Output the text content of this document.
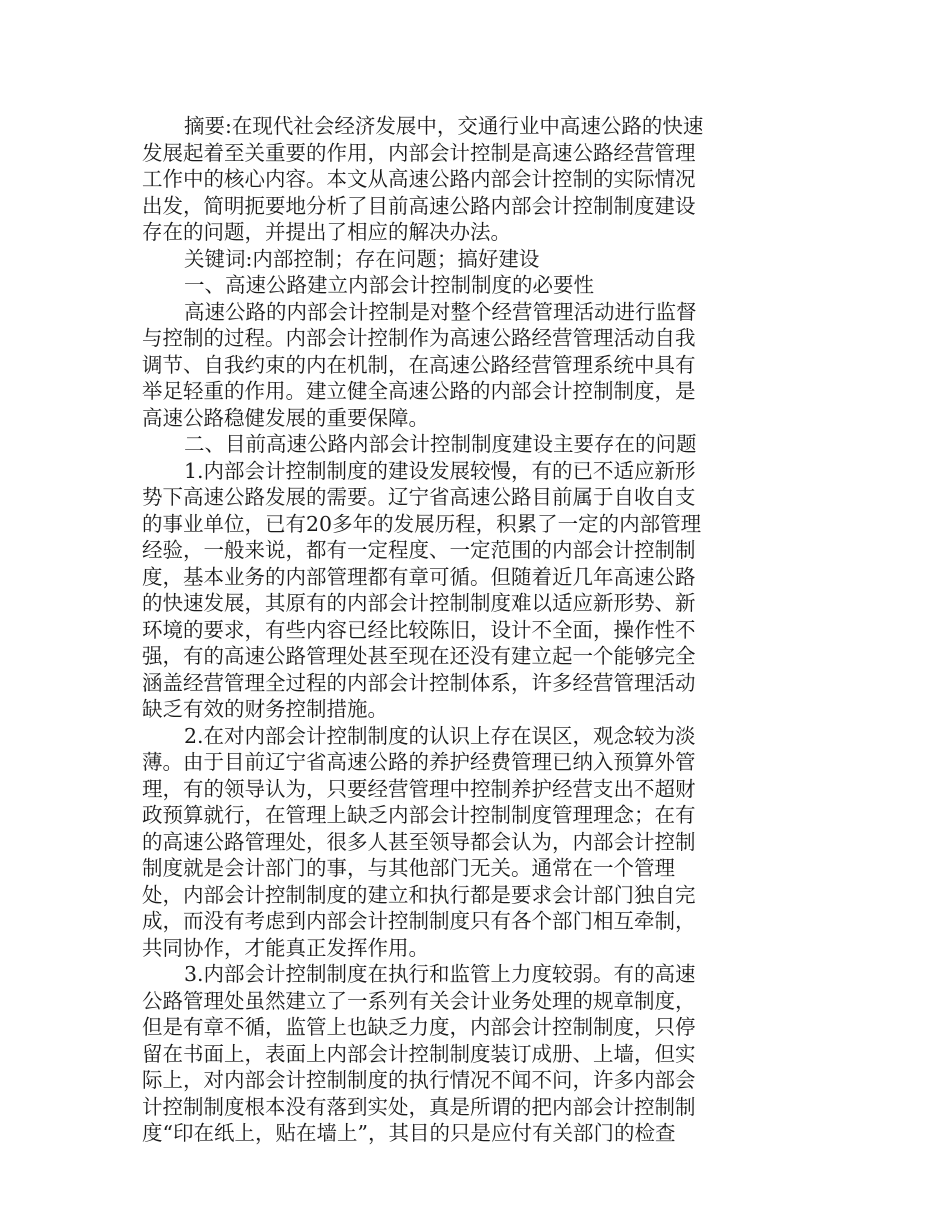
摘要:在现代社会经济发展中，交通行业中高速公路的快速
发展起着至关重要的作用，内部会计控制是高速公路经营管理
工作中的核心内容。本文从高速公路内部会计控制的实际情况
出发，简明扼要地分析了目前高速公路内部会计控制制度建设
存在的问题，并提出了相应的解决办法。
关键词:内部控制；存在问题；搞好建设
一、高速公路建立内部会计控制制度的必要性
高速公路的内部会计控制是对整个经营管理活动进行监督
与控制的过程。内部会计控制作为高速公路经营管理活动自我
调节、自我约束的内在机制，在高速公路经营管理系统中具有
举足轻重的作用。建立健全高速公路的内部会计控制制度，是
高速公路稳健发展的重要保障。
二、目前高速公路内部会计控制制度建设主要存在的问题
1.内部会计控制制度的建设发展较慢，有的已不适应新形
势下高速公路发展的需要。辽宁省高速公路目前属于自收自支
的事业单位，已有20多年的发展历程，积累了一定的内部管理
经验，一般来说，都有一定程度、一定范围的内部会计控制制
度，基本业务的内部管理都有章可循。但随着近几年高速公路
的快速发展，其原有的内部会计控制制度难以适应新形势、新
环境的要求，有些内容已经比较陈旧，设计不全面，操作性不
强，有的高速公路管理处甚至现在还没有建立起一个能够完全
涵盖经营管理全过程的内部会计控制体系，许多经营管理活动
缺乏有效的财务控制措施。
2.在对内部会计控制制度的认识上存在误区，观念较为淡
薄。由于目前辽宁省高速公路的养护经费管理已纳入预算外管
理，有的领导认为，只要经营管理中控制养护经营支出不超财
政预算就行，在管理上缺乏内部会计控制制度管理理念；在有
的高速公路管理处，很多人甚至领导都会认为，内部会计控制
制度就是会计部门的事，与其他部门无关。通常在一个管理
处，内部会计控制制度的建立和执行都是要求会计部门独自完
成，而没有考虑到内部会计控制制度只有各个部门相互牵制，
共同协作，才能真正发挥作用。
3.内部会计控制制度在执行和监管上力度较弱。有的高速
公路管理处虽然建立了一系列有关会计业务处理的规章制度，
但是有章不循，监管上也缺乏力度，内部会计控制制度，只停
留在书面上，表面上内部会计控制制度装订成册、上墙，但实
际上，对内部会计控制制度的执行情况不闻不问，许多内部会
计控制制度根本没有落到实处，真是所谓的把内部会计控制制
度“印在纸上，贴在墙上”，其目的只是应付有关部门的检查
